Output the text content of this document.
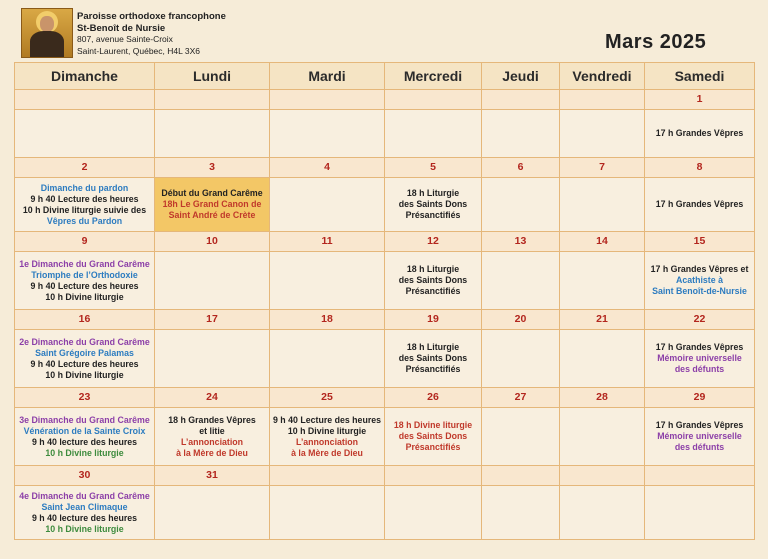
Paroisse orthodoxe francophone
St-Benoît de Nursie
807, avenue Sainte-Croix
Saint-Laurent, Québec, H4L 3X6	Mars 2025
Dimanche	Lundi	Mardi	Mercredi	Jeudi	Vendredi	Samedi
						1

						17 h Grandes Vêpres

2	3	4	5	6	7	8

Dimanche du pardon
9 h 40 Lecture des heures
10 h Divine liturgie suivie des
Vêpres du Pardon	Début du Grand Carême
18h Le Grand Canon de
Saint André de Crète		18 h Liturgie
des Saints Dons
Présanctifiés			17 h Grandes Vêpres

9	10	11	12	13	14	15

1e Dimanche du Grand Carême
Triomphe de l’Orthodoxie
9 h 40 Lecture des heures
10 h Divine liturgie			18 h Liturgie
des Saints Dons
Présanctifiés			17 h Grandes Vêpres et
Acathiste à
Saint Benoît-de-Nursie

16	17	18	19	20	21	22

2e Dimanche du Grand Carême
Saint Grégoire Palamas
9 h 40 Lecture des heures
10 h Divine liturgie			18 h Liturgie
des Saints Dons
Présanctifiés			17 h Grandes Vêpres
Mémoire universelle
des défunts

23	24	25	26	27	28	29

3e Dimanche du Grand Carême
Vénération de la Sainte Croix
9 h 40 lecture des heures
10 h Divine liturgie	18 h Grandes Vêpres
et litie
L’annonciation
à la Mère de Dieu	9 h 40 Lecture des heures
10 h Divine liturgie
L’annonciation
à la Mère de Dieu	18 h Divine liturgie
des Saints Dons
Présanctifiés			17 h Grandes Vêpres
Mémoire universelle
des défunts

30	31					

4e Dimanche du Grand Carême
Saint Jean Climaque
9 h 40 lecture des heures
10 h Divine liturgie						
